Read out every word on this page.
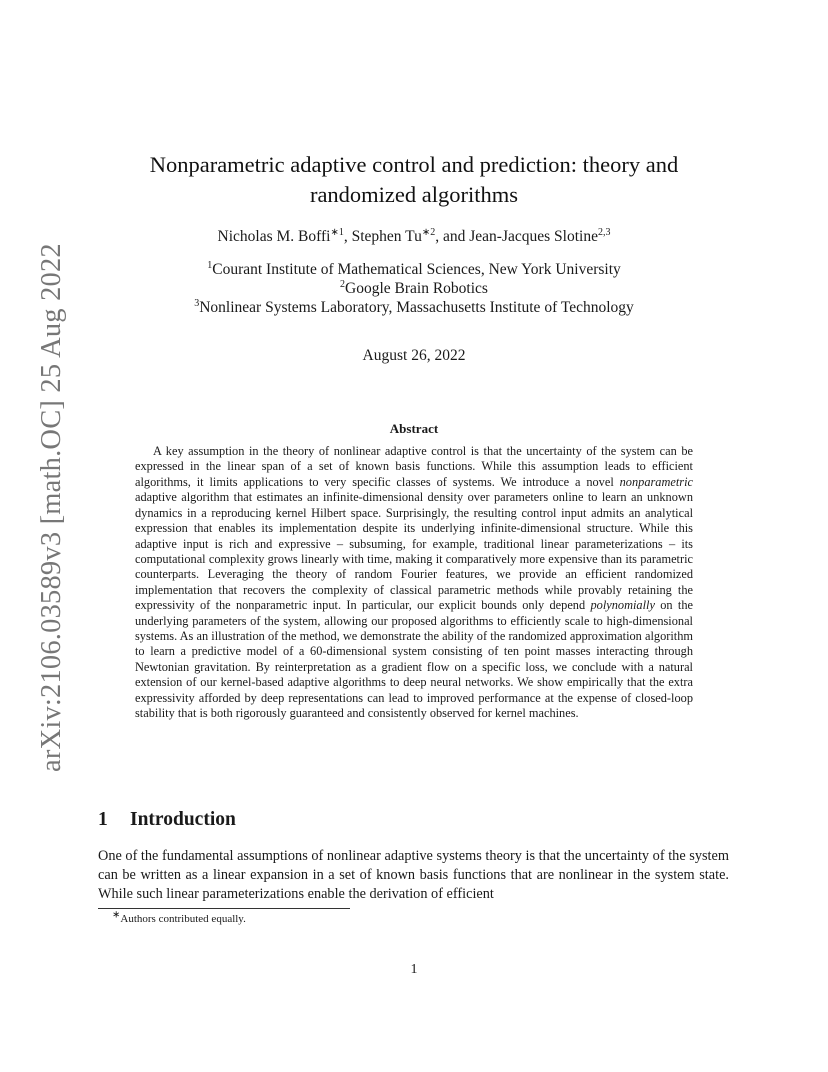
arXiv:2106.03589v3 [math.OC] 25 Aug 2022
Nonparametric adaptive control and prediction: theory and
randomized algorithms
Nicholas M. Boffi$^{∗1}$, Stephen $Tu^{∗2}$, and Jean-Jacques Slotine$^{2,3}$
$^1$Courant Institute of Mathematical Sciences, New York University
$^2$Google Brain Robotics
$^3$Nonlinear Systems Laboratory, Massachusetts Institute of Technology
August 26, 2022
Abstract

A key assumption in the theory of nonlinear adaptive control is that the uncertainty of the system can be expressed in the linear span of a set of known basis functions. While this assumption leads to efficient algorithms, it limits applications to very specific classes of systems. We introduce a novel nonparametric adaptive algorithm that estimates an infinite-dimensional density over parameters online to learn an unknown dynamics in a reproducing kernel Hilbert space. Surprisingly, the resulting control input admits an analytical expression that enables its implementation despite its underlying infinite-dimensional structure. While this adaptive input is rich and expressive – subsuming, for example, traditional linear parameterizations – its computational complexity grows linearly with time, making it comparatively more expensive than its parametric counterparts. Leveraging the theory of random Fourier features, we provide an efficient randomized implementation that recovers the complexity of classical parametric methods while provably retaining the expressivity of the nonparametric input. In particular, our explicit bounds only depend polynomially on the underlying parameters of the system, allowing our proposed algorithms to efficiently scale to high-dimensional systems. As an illustration of the method, we demonstrate the ability of the randomized approximation algorithm to learn a predictive model of a 60-dimensional system consisting of ten point masses interacting through Newtonian gravitation. By reinterpretation as a gradient flow on a specific loss, we conclude with a natural extension of our kernel-based adaptive algorithms to deep neural networks. We show empirically that the extra expressivity afforded by deep representations can lead to improved performance at the expense of closed-loop stability that is both rigorously guaranteed and consistently observed for kernel machines.

1 Introduction

One of the fundamental assumptions of nonlinear adaptive systems theory is that the uncertainty of the system can be written as a linear expansion in a set of known basis functions that are nonlinear in the system state. While such linear parameterizations enable the derivation of efficient

∗Authors contributed equally.
1
